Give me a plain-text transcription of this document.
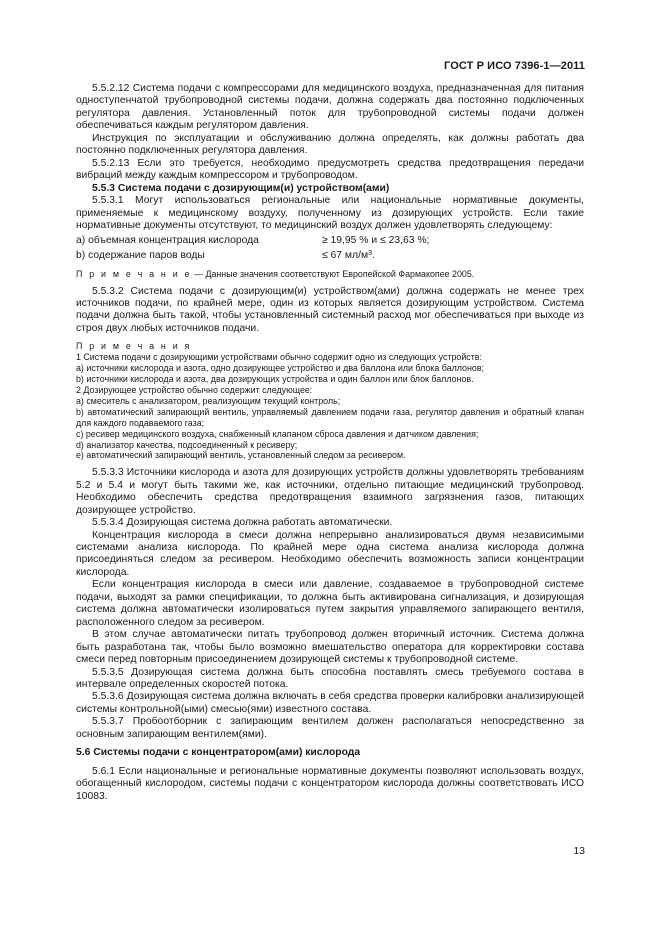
ГОСТ Р ИСО 7396-1—2011

5.5.2.12 Система подачи с компрессорами для медицинского воздуха, предназначенная для питания одноступенчатой трубопроводной системы подачи, должна содержать два постоянно подключенных регулятора давления. Установленный поток для трубопроводной системы подачи должен обеспечиваться каждым регулятором давления.

Инструкция по эксплуатации и обслуживанию должна определять, как должны работать два постоянно подключенных регулятора давления.

5.5.2.13 Если это требуется, необходимо предусмотреть средства предотвращения передачи вибраций между каждым компрессором и трубопроводом.

5.5.3 Система подачи с дозирующим(и) устройством(ами)

5.5.3.1 Могут использоваться региональные или национальные нормативные документы, применяемые к медицинскому воздуху, полученному из дозирующих устройств. Если такие нормативные документы отсутствуют, то медицинский воздух должен удовлетворять следующему:

a) объемная концентрация кислорода	≥ 19,95 % и ≤ 23,63 %;
b) содержание паров воды	≤ 67 $мл/м^3$.

П р и м е ч а н и е — Данные значения соответствуют Европейской Фармакопее 2005.

5.5.3.2 Система подачи с дозирующим(и) устройством(ами) должна содержать не менее трех источников подачи, по крайней мере, один из которых является дозирующим устройством. Система подачи должна быть такой, чтобы установленный системный расход мог обеспечиваться при выходе из строя двух любых источников подачи.

П р и м е ч а н и я

1 Система подачи с дозирующими устройствами обычно содержит одно из следующих устройств:

a) источники кислорода и азота, одно дозирующее устройство и два баллона или блока баллонов;

b) источники кислорода и азота, два дозирующих устройства и один баллон или блок баллонов.

2 Дозирующее устройство обычно содержит следующее:

a) смеситель с анализатором, реализующим текущий контроль;

b) автоматический запирающий вентиль, управляемый давлением подачи газа, регулятор давления и обратный клапан для каждого подаваемого газа;

c) ресивер медицинского воздуха, снабженный клапаном сброса давления и датчиком давления;

d) анализатор качества, подсоединенный к ресиверу;

e) автоматический запирающий вентиль, установленный следом за ресивером.

5.5.3.3 Источники кислорода и азота для дозирующих устройств должны удовлетворять требованиям 5.2 и 5.4 и могут быть такими же, как источники, отдельно питающие медицинский трубопровод. Необходимо обеспечить средства предотвращения взаимного загрязнения газов, питающих дозирующее устройство.

5.5.3.4 Дозирующая система должна работать автоматически.

Концентрация кислорода в смеси должна непрерывно анализироваться двумя независимыми системами анализа кислорода. По крайней мере одна система анализа кислорода должна присоединяться следом за ресивером. Необходимо обеспечить возможность записи концентрации кислорода.

Если концентрация кислорода в смеси или давление, создаваемое в трубопроводной системе подачи, выходят за рамки спецификации, то должна быть активирована сигнализация, и дозирующая система должна автоматически изолироваться путем закрытия управляемого запирающего вентиля, расположенного следом за ресивером.

В этом случае автоматически питать трубопровод должен вторичный источник. Система должна быть разработана так, чтобы было возможно вмешательство оператора для корректировки состава смеси перед повторным присоединением дозирующей системы к трубопроводной системе.

5.5.3.5 Дозирующая система должна быть способна поставлять смесь требуемого состава в интервале определенных скоростей потока.

5.5.3.6 Дозирующая система должна включать в себя средства проверки калибровки анализирующей системы контрольной(ыми) смесью(ями) известного состава.

5.5.3.7 Пробоотборник с запирающим вентилем должен располагаться непосредственно за основным запирающим вентилем(ями).

5.6 Системы подачи с концентратором(ами) кислорода

5.6.1 Если национальные и региональные нормативные документы позволяют использовать воздух, обогащенный кислородом, системы подачи с концентратором кислорода должны соответствовать ИСО 10083.

13
